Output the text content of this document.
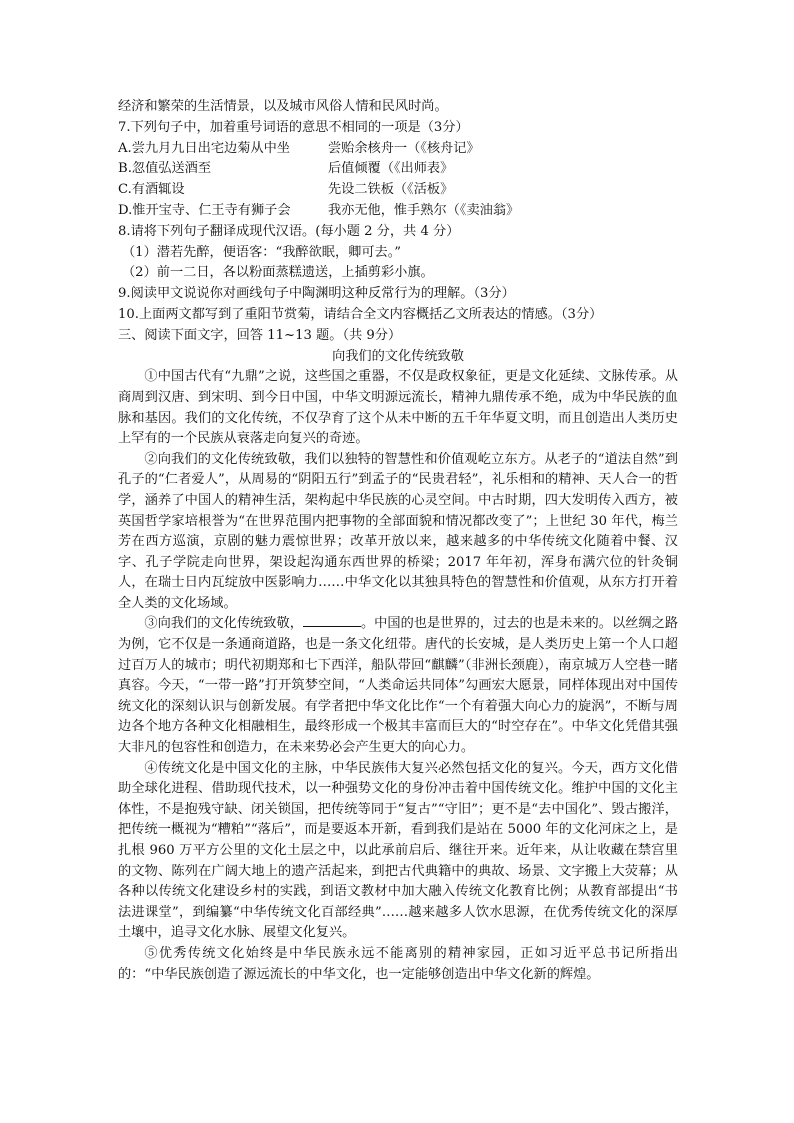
经济和繁荣的生活情景，以及城市风俗人情和民风时尚。
7.下列句子中，加着重号词语的意思不相同的一项是（3分）
A.尝九月九日出宅边菊从中坐	尝贻余核舟一（《核舟记》
B.忽值弘送酒至	后值倾覆（《出师表》
C.有酒辄设	先设二铁板（《活板》
D.惟开宝寺、仁王寺有狮子会	我亦无他，惟手熟尔（《卖油翁》
8.请将下列句子翻译成现代汉语。(每小题 2 分，共 4 分）
（1）潜若先醉，便语客：“我醉欲眠，卿可去。”
（2）前一二日，各以粉面蒸糕遗送，上插剪彩小旗。
9.阅读甲文说说你对画线句子中陶渊明这种反常行为的理解。（3分）
10.上面两文都写到了重阳节赏菊，请结合全文内容概括乙文所表达的情感。（3分）
三、阅读下面文字，回答 11~13 题。（共 9分）
向我们的文化传统致敬

①中国古代有“九鼎”之说，这些国之重器，不仅是政权象征，更是文化延续、文脉传承。从商周到汉唐、到宋明、到今日中国，中华文明源远流长，精神九鼎传承不绝，成为中华民族的血脉和基因。我们的文化传统，不仅孕育了这个从未中断的五千年华夏文明，而且创造出人类历史上罕有的一个民族从衰落走向复兴的奇迹。

②向我们的文化传统致敬，我们以独特的智慧性和价值观屹立东方。从老子的“道法自然”到孔子的“仁者爱人”，从周易的“阴阳五行”到孟子的“民贵君轻”，礼乐相和的精神、天人合一的哲学，涵养了中国人的精神生活，架构起中华民族的心灵空间。中古时期，四大发明传入西方，被英国哲学家培根誉为“在世界范围内把事物的全部面貌和情况都改变了”；上世纪 30 年代，梅兰芳在西方巡演，京剧的魅力震惊世界；改革开放以来，越来越多的中华传统文化随着中餐、汉字、孔子学院走向世界，架设起沟通东西世界的桥梁；2017 年年初，浑身布满穴位的针灸铜人，在瑞士日内瓦绽放中医影响力……中华文化以其独具特色的智慧性和价值观，从东方打开着全人类的文化场域。

③向我们的文化传统致敬，	。中国的也是世界的，过去的也是未来的。以丝绸之路为例，它不仅是一条通商道路，也是一条文化纽带。唐代的长安城，是人类历史上第一个人口超过百万人的城市；明代初期郑和七下西洋，船队带回“麒麟”（非洲长颈鹿），南京城万人空巷一睹真容。今天，“一带一路”打开筑梦空间，“人类命运共同体”勾画宏大愿景，同样体现出对中国传统文化的深刻认识与创新发展。有学者把中华文化比作“一个有着强大向心力的旋涡”，不断与周边各个地方各种文化相融相生，最终形成一个极其丰富而巨大的“时空存在”。中华文化凭借其强大非凡的包容性和创造力，在未来势必会产生更大的向心力。

④传统文化是中国文化的主脉，中华民族伟大复兴必然包括文化的复兴。今天，西方文化借助全球化进程、借助现代技术，以一种强势文化的身份冲击着中国传统文化。维护中国的文化主体性，不是抱残守缺、闭关锁国，把传统等同于“复古”“守旧”；更不是“去中国化”、毁古搬洋，把传统一概视为“糟粕”“落后”，而是要返本开新，看到我们是站在 5000 年的文化河床之上，是扎根 960 万平方公里的文化土层之中，以此承前启后、继往开来。近年来，从让收藏在禁宫里的文物、陈列在广阔大地上的遗产活起来，到把古代典籍中的典故、场景、文字搬上大荧幕；从各种以传统文化建设乡村的实践，到语文教材中加大融入传统文化教育比例；从教育部提出“书法进课堂”，到编纂“中华传统文化百部经典”……越来越多人饮水思源，在优秀传统文化的深厚土壤中，追寻文化水脉、展望文化复兴。

⑤优秀传统文化始终是中华民族永远不能离别的精神家园，正如习近平总书记所指出的：“中华民族创造了源远流长的中华文化，也一定能够创造出中华文化新的辉煌。
